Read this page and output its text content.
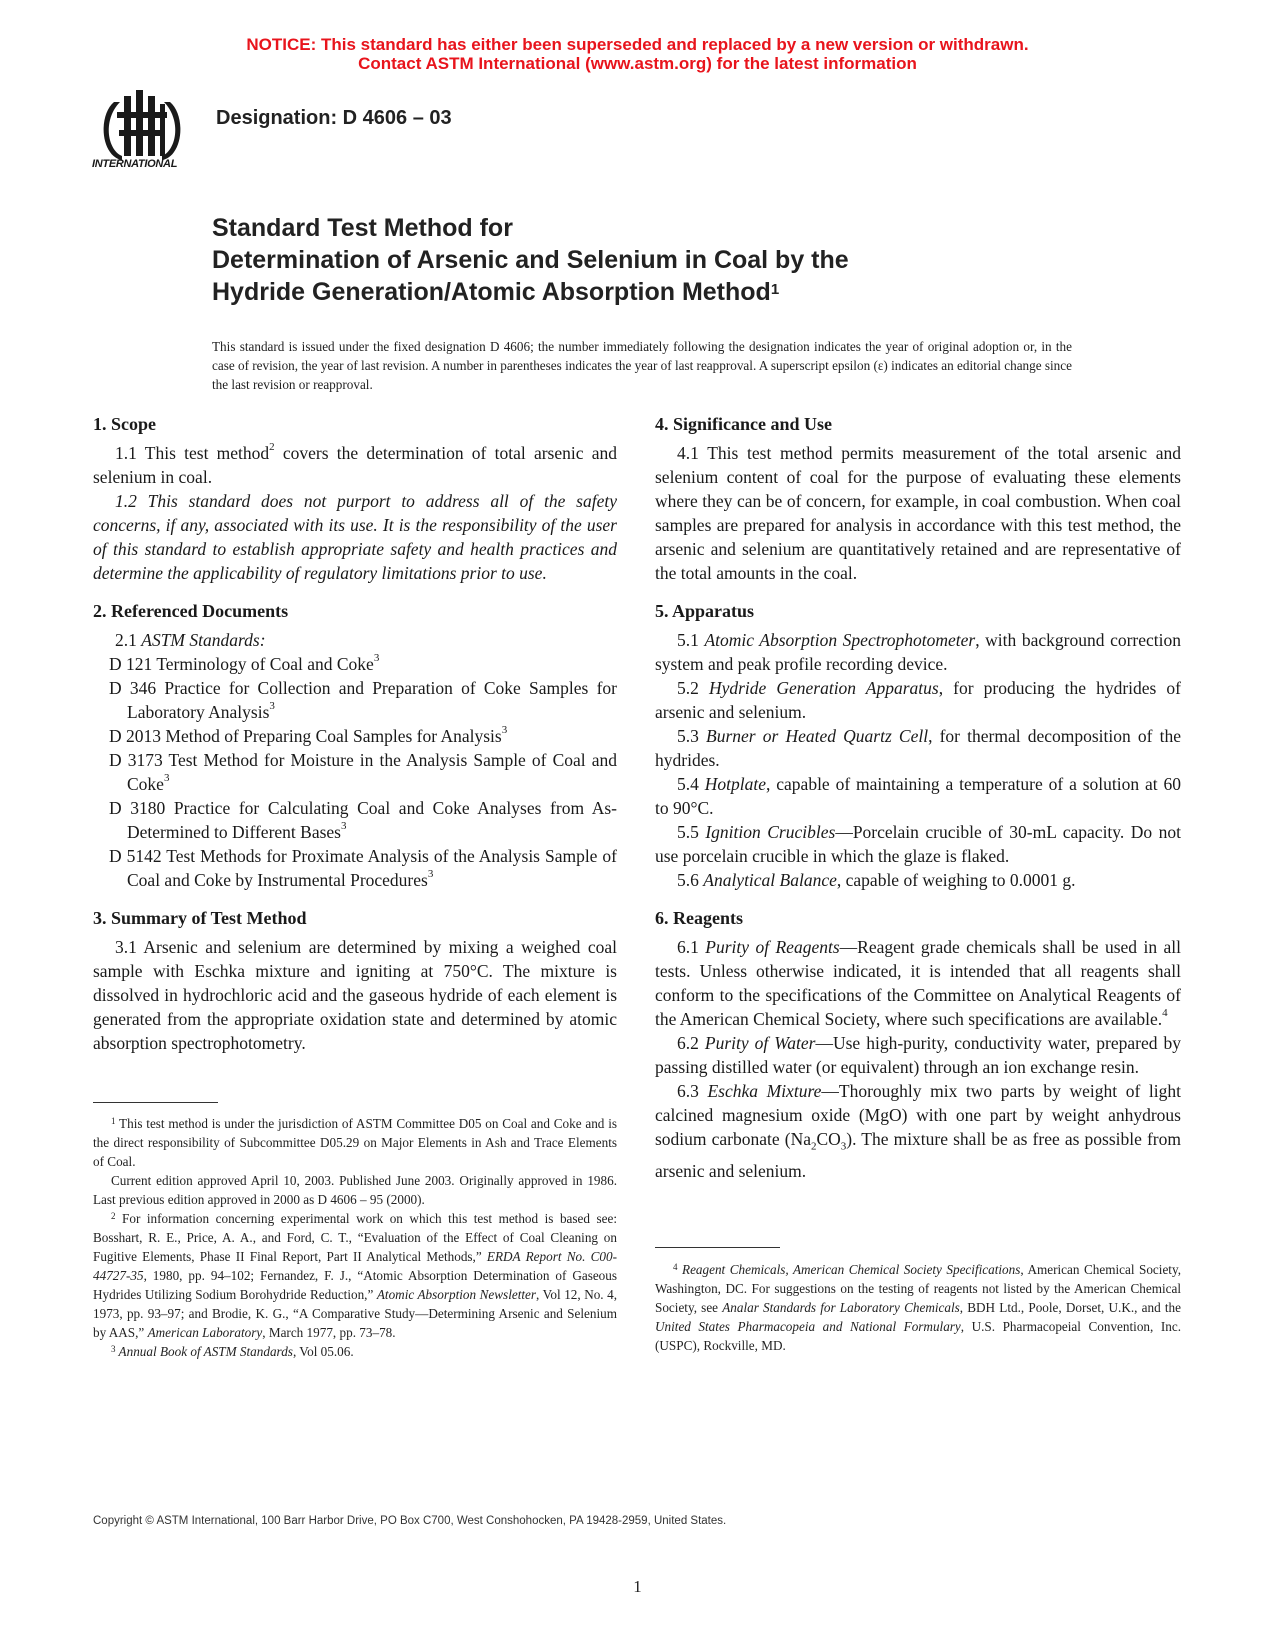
NOTICE: This standard has either been superseded and replaced by a new version or withdrawn.
Contact ASTM International (www.astm.org) for the latest information
INTERNATIONAL
Designation: D 4606 – 03
Standard Test Method for
Determination of Arsenic and Selenium in Coal by the
Hydride Generation/Atomic Absorption Method$^1$
This standard is issued under the fixed designation D 4606; the number immediately following the designation indicates the year of original adoption or, in the case of revision, the year of last revision. A number in parentheses indicates the year of last reapproval. A superscript epsilon (ε) indicates an editorial change since the last revision or reapproval.

1. Scope

1.1 This test method$^2$ covers the determination of total arsenic and selenium in coal.

1.2 This standard does not purport to address all of the safety concerns, if any, associated with its use. It is the responsibility of the user of this standard to establish appropriate safety and health practices and determine the applicability of regulatory limitations prior to use.

2. Referenced Documents

2.1 ASTM Standards:

D 121 Terminology of Coal and Coke$^3$

D 346 Practice for Collection and Preparation of Coke Samples for Laboratory Analysis$^3$

D 2013 Method of Preparing Coal Samples for Analysis$^3$

D 3173 Test Method for Moisture in the Analysis Sample of Coal and Coke$^3$

D 3180 Practice for Calculating Coal and Coke Analyses from As-Determined to Different Bases$^3$

D 5142 Test Methods for Proximate Analysis of the Analysis Sample of Coal and Coke by Instrumental Procedures$^3$

3. Summary of Test Method

3.1 Arsenic and selenium are determined by mixing a weighed coal sample with Eschka mixture and igniting at 750°C. The mixture is dissolved in hydrochloric acid and the gaseous hydride of each element is generated from the appropriate oxidation state and determined by atomic absorption spectrophotometry.

$^1$ This test method is under the jurisdiction of ASTM Committee D05 on Coal and Coke and is the direct responsibility of Subcommittee D05.29 on Major Elements in Ash and Trace Elements of Coal.

Current edition approved April 10, 2003. Published June 2003. Originally approved in 1986. Last previous edition approved in 2000 as D 4606 – 95 (2000).

$^2$ For information concerning experimental work on which this test method is based see: Bosshart, R. E., Price, A. A., and Ford, C. T., “Evaluation of the Effect of Coal Cleaning on Fugitive Elements, Phase II Final Report, Part II Analytical Methods,” ERDA Report No. C00-44727-35, 1980, pp. 94–102; Fernandez, F. J., “Atomic Absorption Determination of Gaseous Hydrides Utilizing Sodium Borohydride Reduction,” Atomic Absorption Newsletter, Vol 12, No. 4, 1973, pp. 93–97; and Brodie, K. G., “A Comparative Study—Determining Arsenic and Selenium by AAS,” American Laboratory, March 1977, pp. 73–78.

$^3$ Annual Book of ASTM Standards, Vol 05.06.

4. Significance and Use

4.1 This test method permits measurement of the total arsenic and selenium content of coal for the purpose of evaluating these elements where they can be of concern, for example, in coal combustion. When coal samples are prepared for analysis in accordance with this test method, the arsenic and selenium are quantitatively retained and are representative of the total amounts in the coal.

5. Apparatus

5.1 Atomic Absorption Spectrophotometer, with background correction system and peak profile recording device.

5.2 Hydride Generation Apparatus, for producing the hydrides of arsenic and selenium.

5.3 Burner or Heated Quartz Cell, for thermal decomposition of the hydrides.

5.4 Hotplate, capable of maintaining a temperature of a solution at 60 to 90°C.

5.5 Ignition Crucibles—Porcelain crucible of 30-mL capacity. Do not use porcelain crucible in which the glaze is flaked.

5.6 Analytical Balance, capable of weighing to 0.0001 g.

6. Reagents

6.1 Purity of Reagents—Reagent grade chemicals shall be used in all tests. Unless otherwise indicated, it is intended that all reagents shall conform to the specifications of the Committee on Analytical Reagents of the American Chemical Society, where such specifications are available.$^4$

6.2 Purity of Water—Use high-purity, conductivity water, prepared by passing distilled water (or equivalent) through an ion exchange resin.

6.3 Eschka Mixture—Thoroughly mix two parts by weight of light calcined magnesium oxide (MgO) with one part by weight anhydrous sodium carbonate $(Na_2CO_3)$. The mixture shall be as free as possible from arsenic and selenium.

$^4$ Reagent Chemicals, American Chemical Society Specifications, American Chemical Society, Washington, DC. For suggestions on the testing of reagents not listed by the American Chemical Society, see Analar Standards for Laboratory Chemicals, BDH Ltd., Poole, Dorset, U.K., and the United States Pharmacopeia and National Formulary, U.S. Pharmacopeial Convention, Inc. (USPC), Rockville, MD.

Copyright © ASTM International, 100 Barr Harbor Drive, PO Box C700, West Conshohocken, PA 19428-2959, United States.
1
